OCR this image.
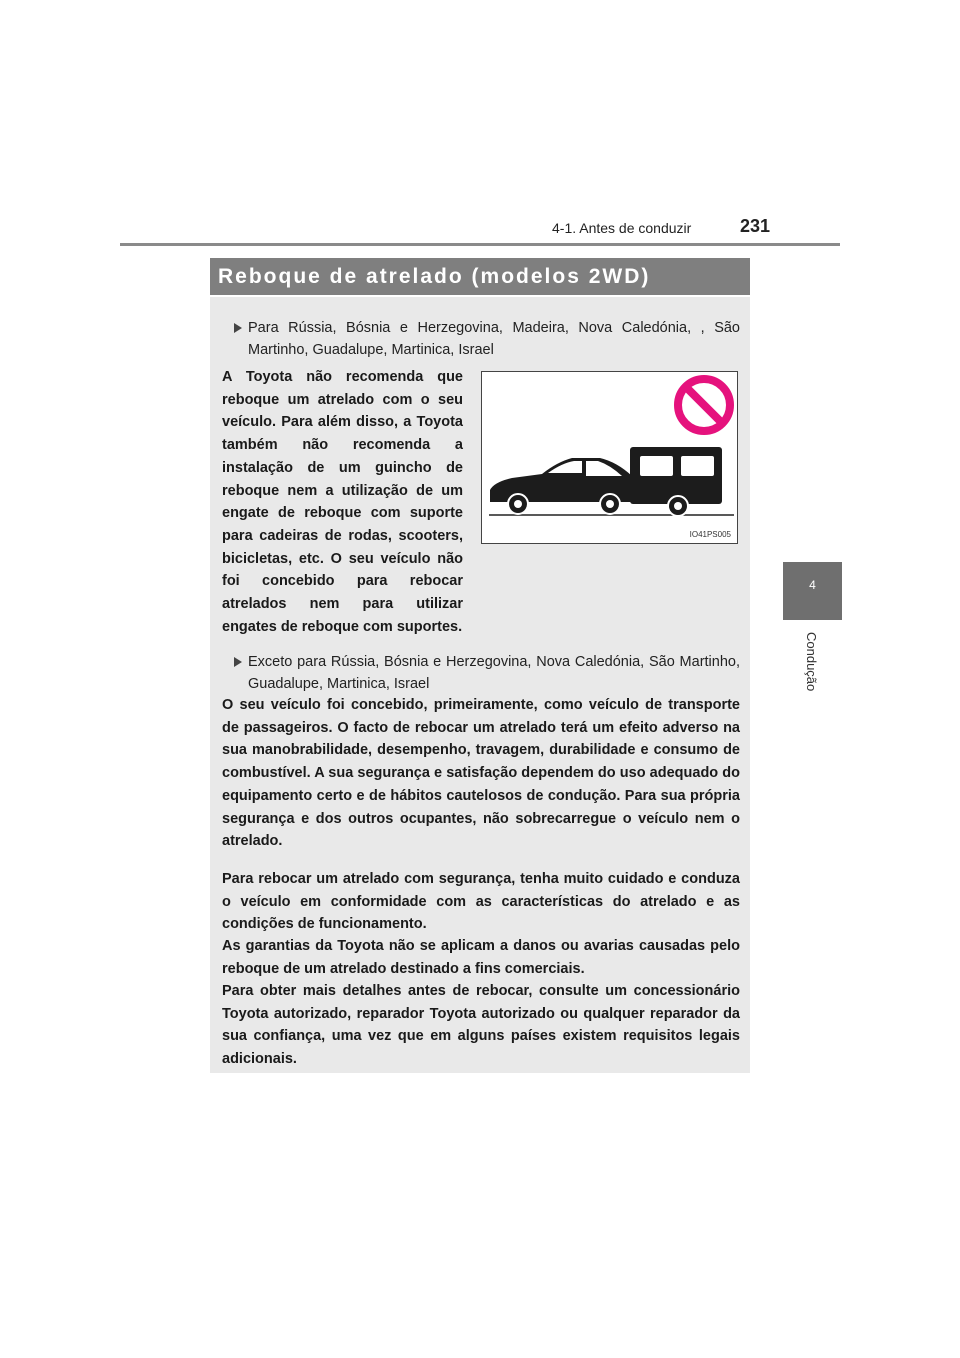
4-1. Antes de conduzir	231
4
Condução
Reboque de atrelado (modelos 2WD)
Para Rússia, Bósnia e Herzegovina, Madeira, Nova Caledónia, , São Martinho, Guadalupe, Martinica, Israel
A Toyota não recomenda que reboque um atrelado com o seu veículo. Para além disso, a Toyota também não recomenda a instalação de um guincho de reboque nem a utilização de um engate de reboque com suporte para cadeiras de rodas, scooters, bicicletas, etc. O seu veículo não foi concebido para rebocar atrelados nem para utilizar engates de reboque com suportes.
IO41PS005
Exceto para Rússia, Bósnia e Herzegovina, Nova Caledónia, São Martinho, Guadalupe, Martinica, Israel
O seu veículo foi concebido, primeiramente, como veículo de transporte de passageiros. O facto de rebocar um atrelado terá um efeito adverso na sua manobrabilidade, desempenho, travagem, durabilidade e consumo de combustível. A sua segurança e satisfação dependem do uso adequado do equipamento certo e de hábitos cautelosos de condução. Para sua própria segurança e dos outros ocupantes, não sobrecarregue o veículo nem o atrelado.
Para rebocar um atrelado com segurança, tenha muito cuidado e conduza o veículo em conformidade com as características do atrelado e as condições de funcionamento.
As garantias da Toyota não se aplicam a danos ou avarias causadas pelo reboque de um atrelado destinado a fins comerciais.
Para obter mais detalhes antes de rebocar, consulte um concessionário Toyota autorizado, reparador Toyota autorizado ou qualquer reparador da sua confiança, uma vez que em alguns países existem requisitos legais adicionais.
